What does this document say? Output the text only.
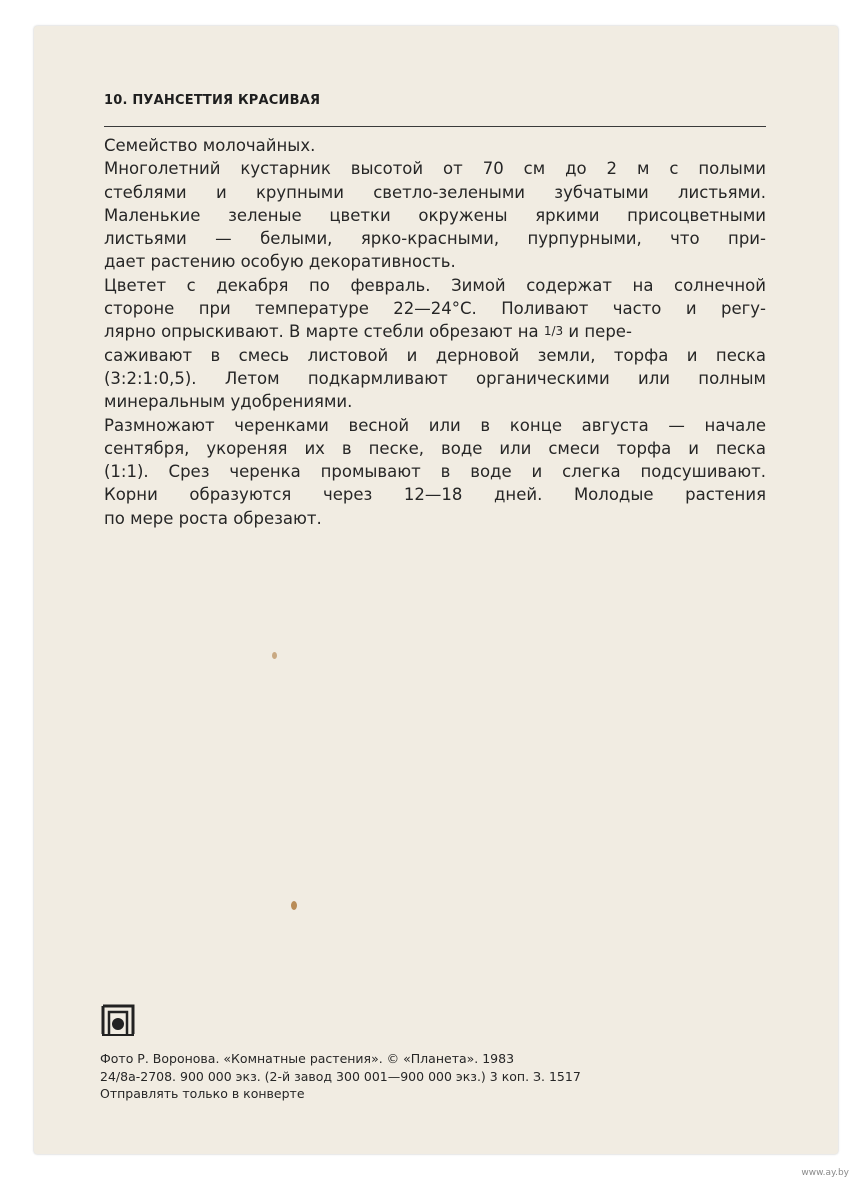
10. ПУАНСЕТТИЯ КРАСИВАЯ
Семейство молочайных.
Многолетний кустарник высотой от 70 см до 2 м с полыми
стеблями и крупными светло-зелеными зубчатыми листьями.
Маленькие зеленые цветки окружены яркими присоцветными
листьями — белыми, ярко-красными, пурпурными, что при-
дает растению особую декоративность.
Цветет с декабря по февраль. Зимой содержат на солнечной
стороне при температуре 22—24°С. Поливают часто и регу-
лярно опрыскивают. В марте стебли обрезают на 1/3 и пере-
саживают в смесь листовой и дерновой земли, торфа и песка
(3:2:1:0,5). Летом подкармливают органическими или полным
минеральным удобрениями.
Размножают черенками весной или в конце августа — начале
сентября, укореняя их в песке, воде или смеси торфа и песка
(1:1). Срез черенка промывают в воде и слегка подсушивают.
Корни образуются через 12—18 дней. Молодые растения
по мере роста обрезают.
Фото Р. Воронова. «Комнатные растения». © «Планета». 1983
24/8а-2708. 900 000 экз. (2-й завод 300 001—900 000 экз.) 3 коп. З. 1517
Отправлять только в конверте
www.ay.by
